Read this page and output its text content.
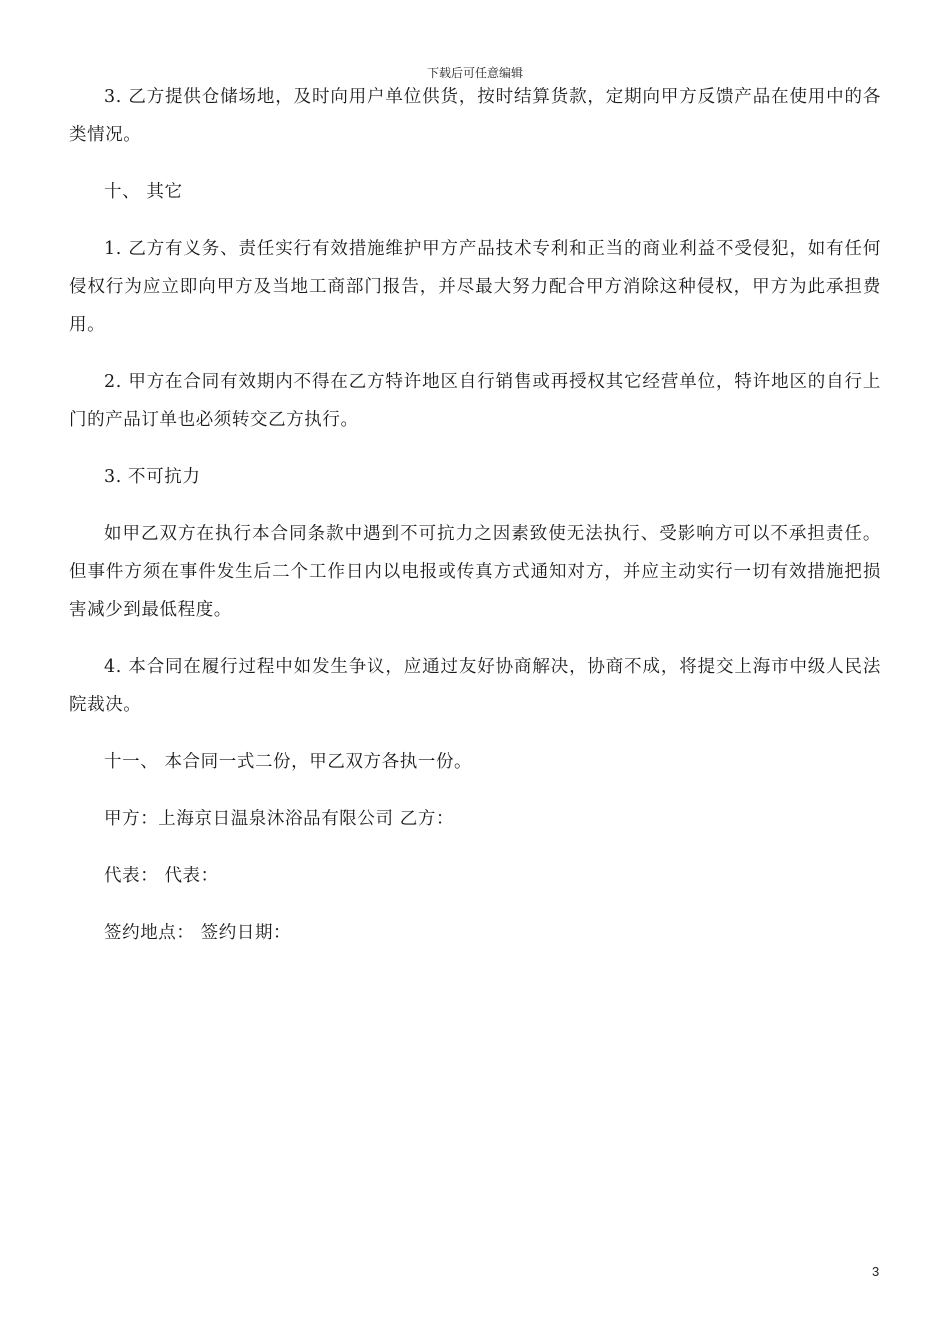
下载后可任意编辑

3. 乙方提供仓储场地，及时向用户单位供货，按时结算货款，定期向甲方反馈产品在使用中的各类情况。

十、 其它

1. 乙方有义务、责任实行有效措施维护甲方产品技术专利和正当的商业利益不受侵犯，如有任何侵权行为应立即向甲方及当地工商部门报告，并尽最大努力配合甲方消除这种侵权，甲方为此承担费用。

2. 甲方在合同有效期内不得在乙方特许地区自行销售或再授权其它经营单位，特许地区的自行上门的产品订单也必须转交乙方执行。

3. 不可抗力

如甲乙双方在执行本合同条款中遇到不可抗力之因素致使无法执行、受影响方可以不承担责任。但事件方须在事件发生后二个工作日内以电报或传真方式通知对方，并应主动实行一切有效措施把损害减少到最低程度。

4. 本合同在履行过程中如发生争议，应通过友好协商解决，协商不成，将提交上海市中级人民法院裁决。

十一、 本合同一式二份，甲乙双方各执一份。

甲方：上海京日温泉沐浴品有限公司 乙方：

代表： 代表：

签约地点： 签约日期：

3
